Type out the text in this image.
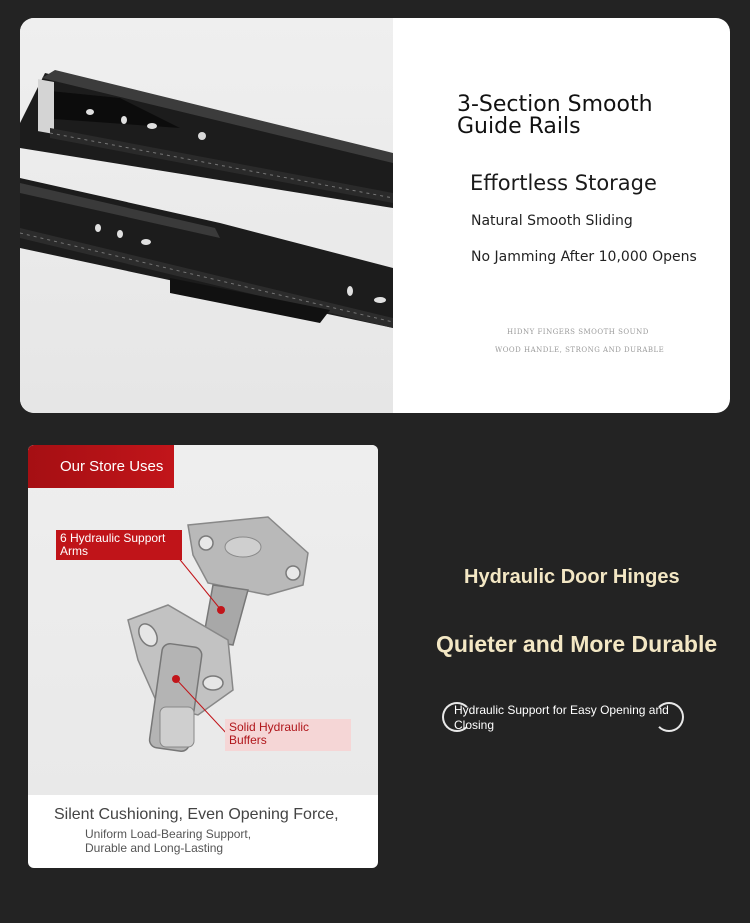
3-Section Smooth
Guide Rails
Effortless Storage
Natural Smooth Sliding
No Jamming After 10,000 Opens
HIDNY FINGERS SMOOTH SOUND
WOOD HANDLE, STRONG AND DURABLE
Our Store Uses
6 Hydraulic Support Arms
Solid Hydraulic Buffers
Silent Cushioning, Even Opening Force,
Uniform Load-Bearing Support,
Durable and Long-Lasting
Hydraulic Door Hinges
Quieter and More Durable
Hydraulic Support for Easy Opening and Closing
